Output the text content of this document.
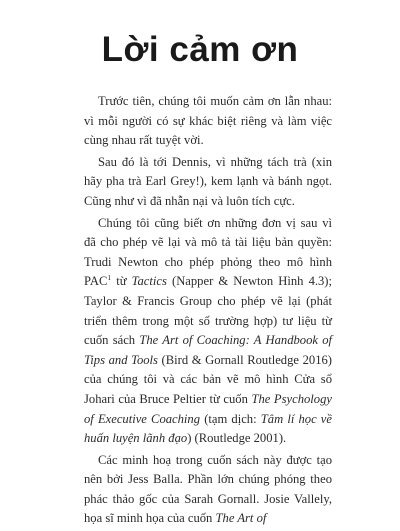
Lời cảm ơn

Trước tiên, chúng tôi muốn cảm ơn lẫn nhau: vì mỗi người có sự khác biệt riêng và làm việc cùng nhau rất tuyệt vời.

Sau đó là tới Dennis, vì những tách trà (xin hãy pha trà Earl Grey!), kem lạnh và bánh ngọt. Cũng như vì đã nhẫn nại và luôn tích cực.

Chúng tôi cũng biết ơn những đơn vị sau vì đã cho phép vẽ lại và mô tả tài liệu bản quyền: Trudi Newton cho phép phỏng theo mô hình PAC$^1$ từ Tactics (Napper & Newton Hình 4.3); Taylor & Francis Group cho phép vẽ lại (phát triển thêm trong một số trường hợp) tư liệu từ cuốn sách The Art of Coaching: A Handbook of Tips and Tools (Bird & Gornall Routledge 2016) của chúng tôi và các bản vẽ mô hình Cửa sổ Johari của Bruce Peltier từ cuốn The Psychology of Executive Coaching (tạm dịch: Tâm lí học về huấn luyện lãnh đạo) (Routledge 2001).

Các minh hoạ trong cuốn sách này được tạo nên bởi Jess Balla. Phần lớn chúng phóng theo phác thảo gốc của Sarah Gornall. Josie Vallely, họa sĩ minh họa của cuốn The Art of
